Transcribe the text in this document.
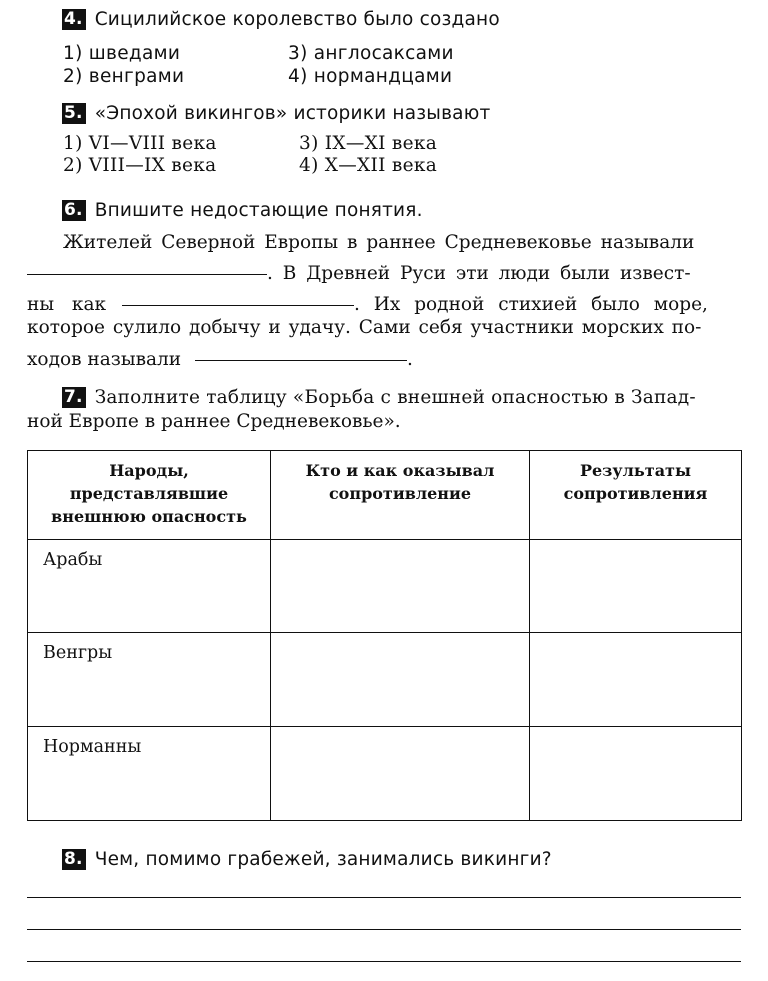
4. Сицилийское королевство было создано
1) шведами
2) венграми
3) англосаксами
4) нормандцами
5. «Эпохой викингов» историки называют
1) VI—VIII века
2) VIII—IX века
3) IX—XI века
4) X—XII века
6. Впишите недостающие понятия.
Жителей Северной Европы в раннее Средневековье называли
. В Древней Руси эти люди были извест-
ны как	. Их родной стихией было море,
которое сулило добычу и удачу. Сами себя участники морских по-
ходов называли	.
7. Заполните таблицу «Борьба с внешней опасностью в Запад-
ной Европе в раннее Средневековье».
Народы, представлявшие внешнюю опасность	Кто и как оказывал сопротивление	Результаты сопротивления
Арабы		
Венгры		
Норманны		
8. Чем, помимо грабежей, занимались викинги?
